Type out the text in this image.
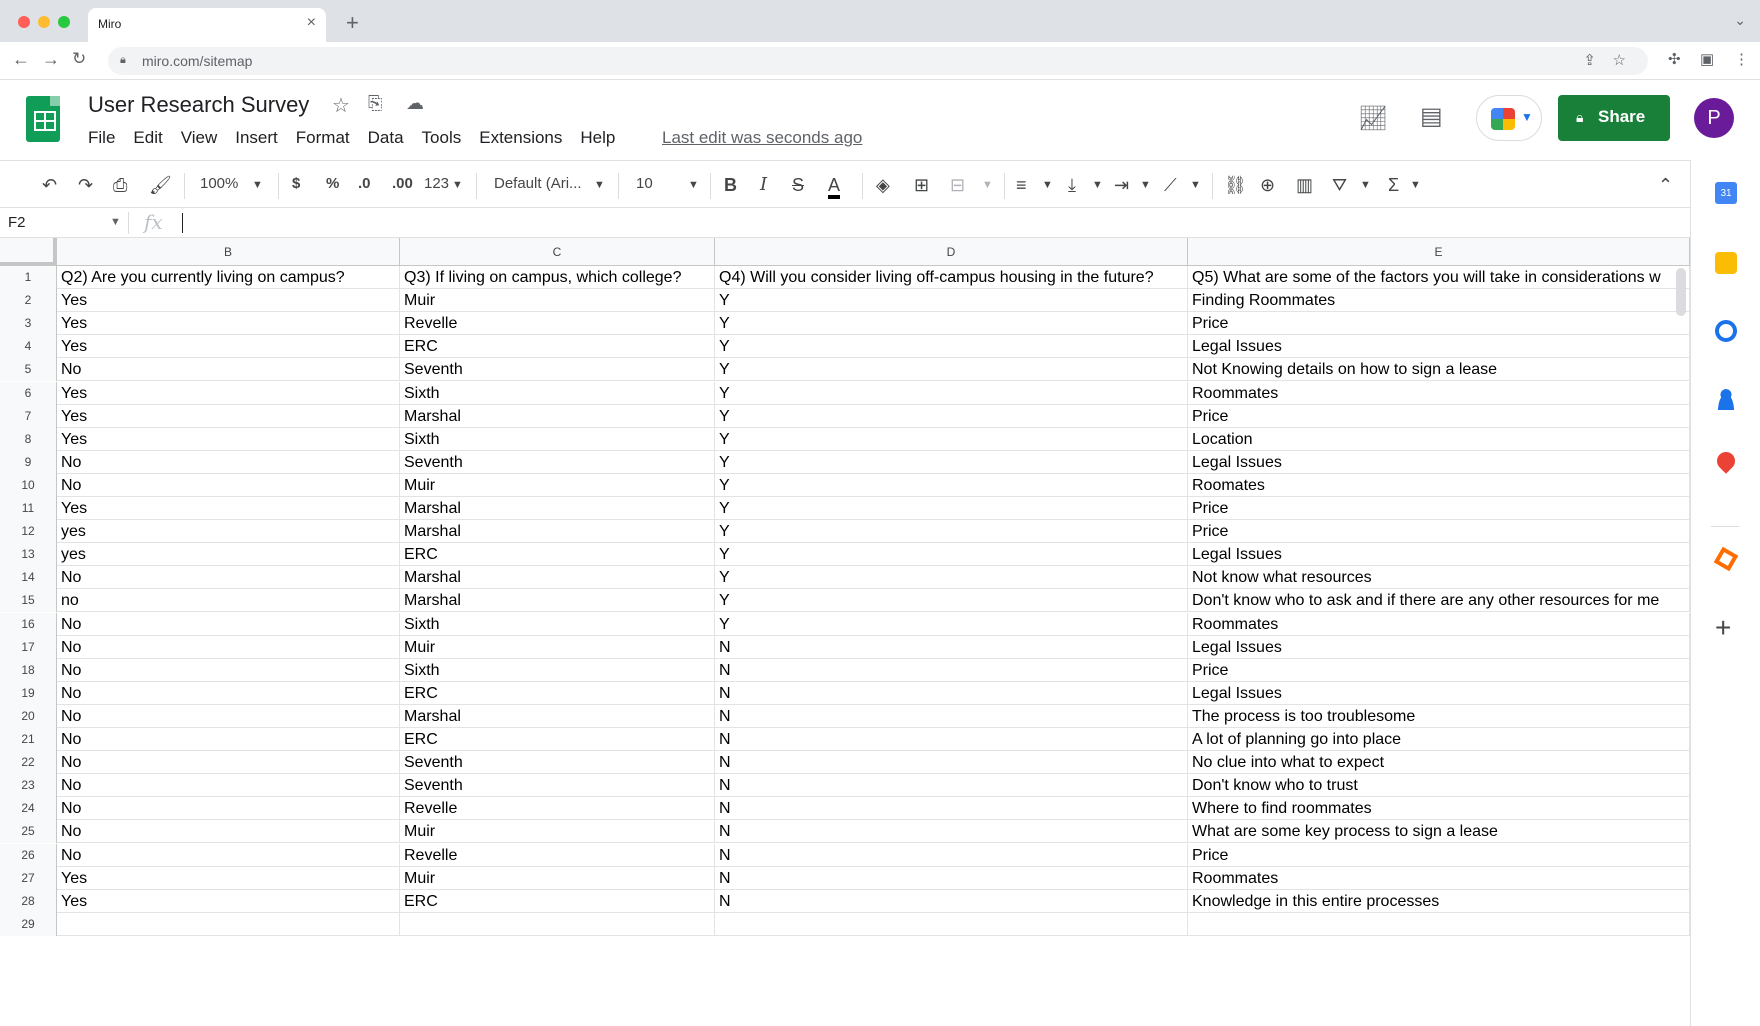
Miro	× +	⌄
← → ↻	🔒︎ miro.com/sitemap	⇪ ☆	✣ ▣ ⋮
User Research Survey ☆ ⎘ ☁
File Edit View Insert Format Data Tools Extensions Help	Last edit was seconds ago
📈︎ ▤	▼	🔒︎ Share	P
↶ ↷ ⎙ 🖌︎ 100% ▼ $ % .0 .00 123 ▼ Default (Ari... ▼ 10	▼ B I S A ◈ ⊞ ⊟ ▼ ≡ ▼ ⤓ ▼ ⇥ ▼ ⟋ ▼ ⛓︎ ⊕ ▥ ⛛ ▼ Σ ▼	⌃
F2	▼ fx
B	C	D	E
1	Q2) Are you currently living on campus?	Q3) If living on campus, which college?	Q4) Will you consider living off-campus housing in the future?	Q5) What are some of the factors you will take in considerations w
2	Yes	Muir	Y	Finding Roommates
3	Yes	Revelle	Y	Price
4	Yes	ERC	Y	Legal Issues
5	No	Seventh	Y	Not Knowing details on how to sign a lease
6	Yes	Sixth	Y	Roommates
7	Yes	Marshal	Y	Price
8	Yes	Sixth	Y	Location
9	No	Seventh	Y	Legal Issues
10	No	Muir	Y	Roomates
11	Yes	Marshal	Y	Price
12	yes	Marshal	Y	Price
13	yes	ERC	Y	Legal Issues
14	No	Marshal	Y	Not know what resources
15	no	Marshal	Y	Don't know who to ask and if there are any other resources for me
16	No	Sixth	Y	Roommates
17	No	Muir	N	Legal Issues
18	No	Sixth	N	Price
19	No	ERC	N	Legal Issues
20	No	Marshal	N	The process is too troublesome
21	No	ERC	N	A lot of planning go into place
22	No	Seventh	N	No clue into what to expect
23	No	Seventh	N	Don't know who to trust
24	No	Revelle	N	Where to find roommates
25	No	Muir	N	What are some key process to sign a lease
26	No	Revelle	N	Price
27	Yes	Muir	N	Roommates
28	Yes	ERC	N	Knowledge in this entire processes
29
31
+
